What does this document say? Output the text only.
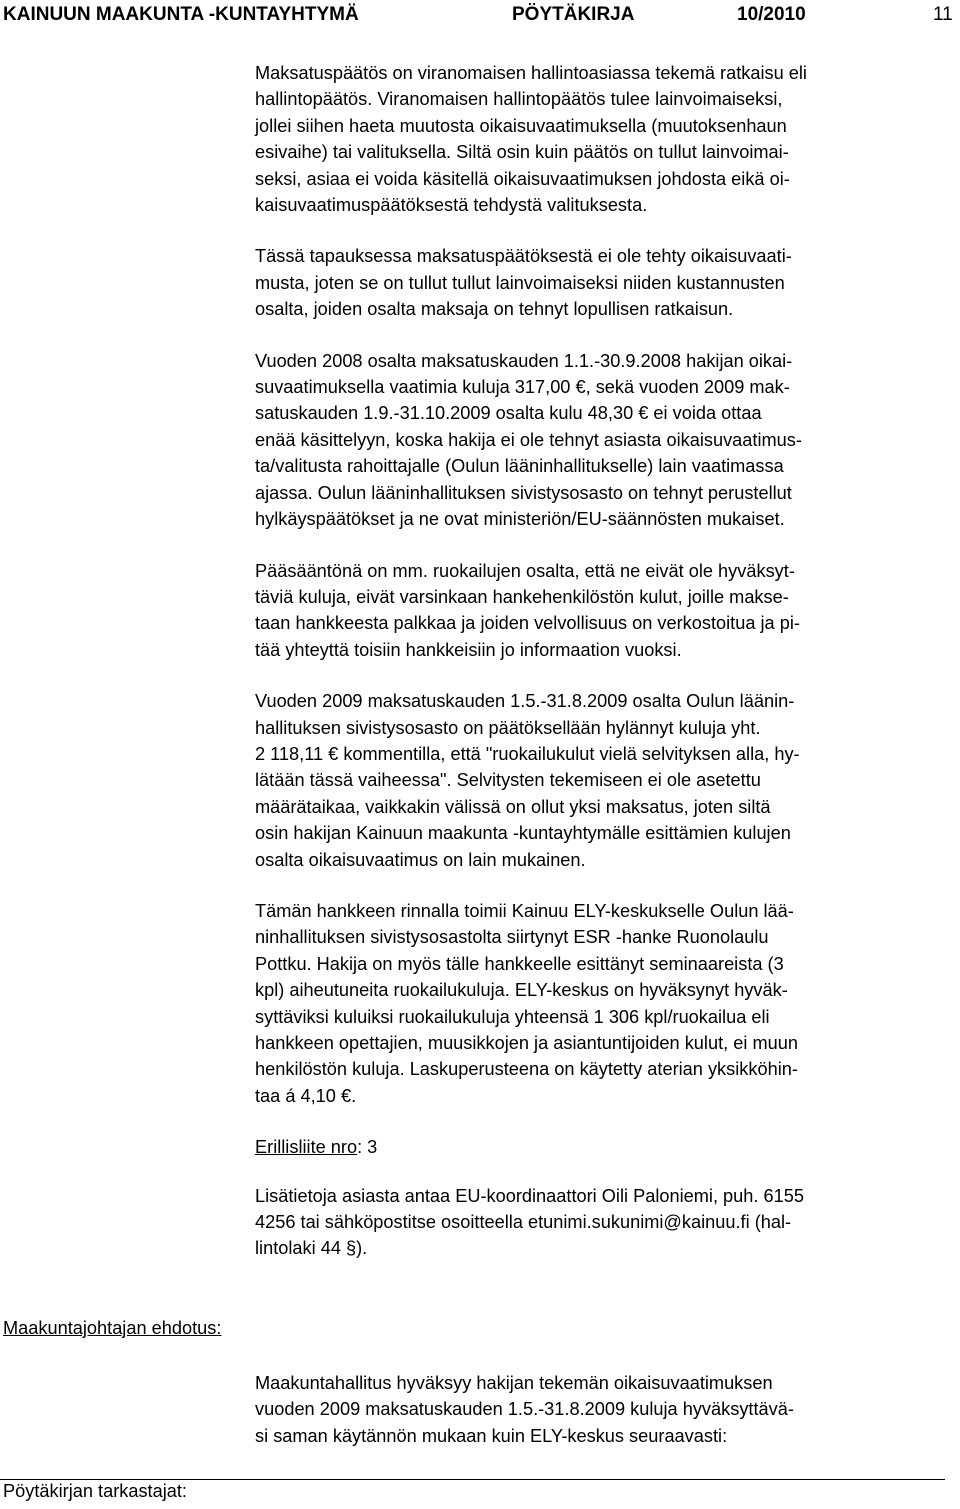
KAINUUN MAAKUNTA -KUNTAYHTYMÄ	PÖYTÄKIRJA	10/2010	11

Maksatuspäätös on viranomaisen hallintoasiassa tekemä ratkaisu eli
hallintopäätös. Viranomaisen hallintopäätös tulee lainvoimaiseksi,
jollei siihen haeta muutosta oikaisuvaatimuksella (muutoksenhaun
esivaihe) tai valituksella. Siltä osin kuin päätös on tullut lainvoimai-
seksi, asiaa ei voida käsitellä oikaisuvaatimuksen johdosta eikä oi-
kaisuvaatimuspäätöksestä tehdystä valituksesta.

Tässä tapauksessa maksatuspäätöksestä ei ole tehty oikaisuvaati-
musta, joten se on tullut tullut lainvoimaiseksi niiden kustannusten
osalta, joiden osalta maksaja on tehnyt lopullisen ratkaisun.

Vuoden 2008 osalta maksatuskauden 1.1.-30.9.2008 hakijan oikai-
suvaatimuksella vaatimia kuluja 317,00 €, sekä vuoden 2009 mak-
satuskauden 1.9.-31.10.2009 osalta kulu 48,30 € ei voida ottaa
enää käsittelyyn, koska hakija ei ole tehnyt asiasta oikaisuvaatimus-
ta/valitusta rahoittajalle (Oulun lääninhallitukselle) lain vaatimassa
ajassa. Oulun lääninhallituksen sivistysosasto on tehnyt perustellut
hylkäyspäätökset ja ne ovat ministeriön/EU-säännösten mukaiset.

Pääsääntönä on mm. ruokailujen osalta, että ne eivät ole hyväksyt-
täviä kuluja, eivät varsinkaan hankehenkilöstön kulut, joille makse-
taan hankkeesta palkkaa ja joiden velvollisuus on verkostoitua ja pi-
tää yhteyttä toisiin hankkeisiin jo informaation vuoksi.

Vuoden 2009 maksatuskauden 1.5.-31.8.2009 osalta Oulun läänin-
hallituksen sivistysosasto on päätöksellään hylännyt kuluja yht.
2 118,11 € kommentilla, että "ruokailukulut vielä selvityksen alla, hy-
lätään tässä vaiheessa". Selvitysten tekemiseen ei ole asetettu
määrätaikaa, vaikkakin välissä on ollut yksi maksatus, joten siltä
osin hakijan Kainuun maakunta -kuntayhtymälle esittämien kulujen
osalta oikaisuvaatimus on lain mukainen.

Tämän hankkeen rinnalla toimii Kainuu ELY-keskukselle Oulun lää-
ninhallituksen sivistysosastolta siirtynyt ESR -hanke Ruonolaulu
Pottku. Hakija on myös tälle hankkeelle esittänyt seminaareista (3
kpl) aiheutuneita ruokailukuluja. ELY-keskus on hyväksynyt hyväk-
syttäviksi kuluiksi ruokailukuluja yhteensä 1 306 kpl/ruokailua eli
hankkeen opettajien, muusikkojen ja asiantuntijoiden kulut, ei muun
henkilöstön kuluja. Laskuperusteena on käytetty aterian yksikköhin-
taa á 4,10 €.

Erillisliite nro: 3

Lisätietoja asiasta antaa EU-koordinaattori Oili Paloniemi, puh. 6155
4256 tai sähköpostitse osoitteella etunimi.sukunimi@kainuu.fi (hal-
lintolaki 44 §).

Maakuntajohtajan ehdotus:

Maakuntahallitus hyväksyy hakijan tekemän oikaisuvaatimuksen
vuoden 2009 maksatuskauden 1.5.-31.8.2009 kuluja hyväksyttävä-
si saman käytännön mukaan kuin ELY-keskus seuraavasti:

Pöytäkirjan tarkastajat:
